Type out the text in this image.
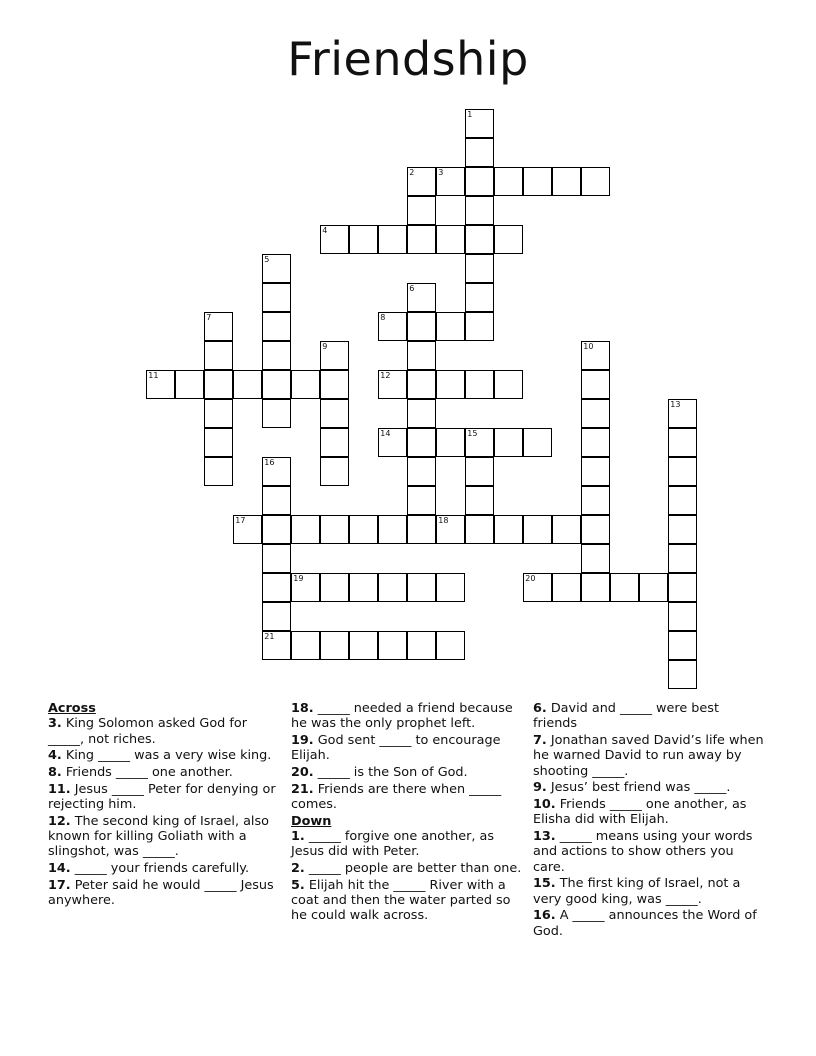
Friendship
1
2	3
4
5
6
7	8
9	10
11	12
13
14	15
16
21
17	18
19	20
Across
3. King Solomon asked God for _____, not riches.
4. King _____ was a very wise king.
8. Friends _____ one another.
11. Jesus _____ Peter for denying or rejecting him.
12. The second king of Israel, also known for killing Goliath with a slingshot, was _____.
14. _____ your friends carefully.
17. Peter said he would _____ Jesus anywhere.
18. _____ needed a friend because he was the only prophet left.
19. God sent _____ to encourage Elijah.
20. _____ is the Son of God.
21. Friends are there when _____ comes.
Down
1. _____ forgive one another, as Jesus did with Peter.
2. _____ people are better than one.
5. Elijah hit the _____ River with a coat and then the water parted so he could walk across.
6. David and _____ were best friends
7. Jonathan saved David’s life when he warned David to run away by shooting _____.
9. Jesus’ best friend was _____.
10. Friends _____ one another, as Elisha did with Elijah.
13. _____ means using your words and actions to show others you care.
15. The first king of Israel, not a very good king, was _____.
16. A _____ announces the Word of God.
